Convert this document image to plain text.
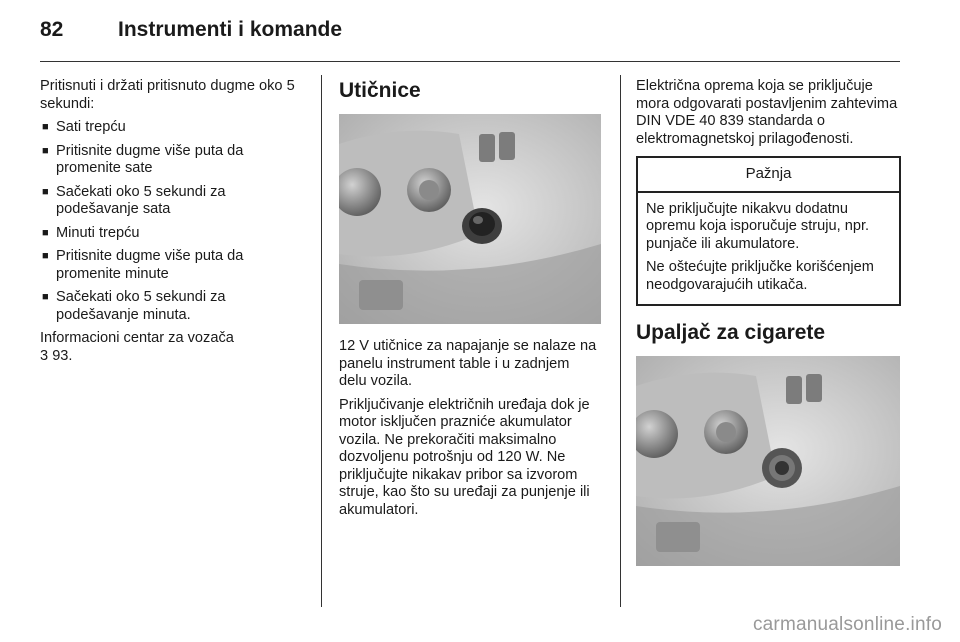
82	Instrumenti i komande

Pritisnuti i držati pritisnuto dugme oko 5 sekundi:

■ Sati trepću
■ Pritisnite dugme više puta da promenite sate
■ Sačekati oko 5 sekundi za podešavanje sata
■ Minuti trepću
■ Pritisnite dugme više puta da promenite minute
■ Sačekati oko 5 sekundi za podešavanje minuta.

Informacioni centar za vozača
3 93.

Utičnice

12 V utičnice za napajanje se nalaze na panelu instrument table i u zadnjem delu vozila.

Priključivanje električnih uređaja dok je motor isključen prazniće akumulator vozila. Ne prekoračiti maksimalno dozvoljenu potrošnju od 120 W. Ne priključujte nikakav pribor sa izvorom struje, kao što su uređaji za punjenje ili akumulatori.

Električna oprema koja se priključuje mora odgovarati postavljenim zahtevima DIN VDE 40 839 standarda o elektromagnetskoj prilagođenosti.

Pažnja

Ne priključujte nikakvu dodatnu opremu koja isporučuje struju, npr. punjače ili akumulatore.

Ne oštećujte priključke korišćenjem neodgovarajućih utikača.

Upaljač za cigarete
carmanualsonline.info
